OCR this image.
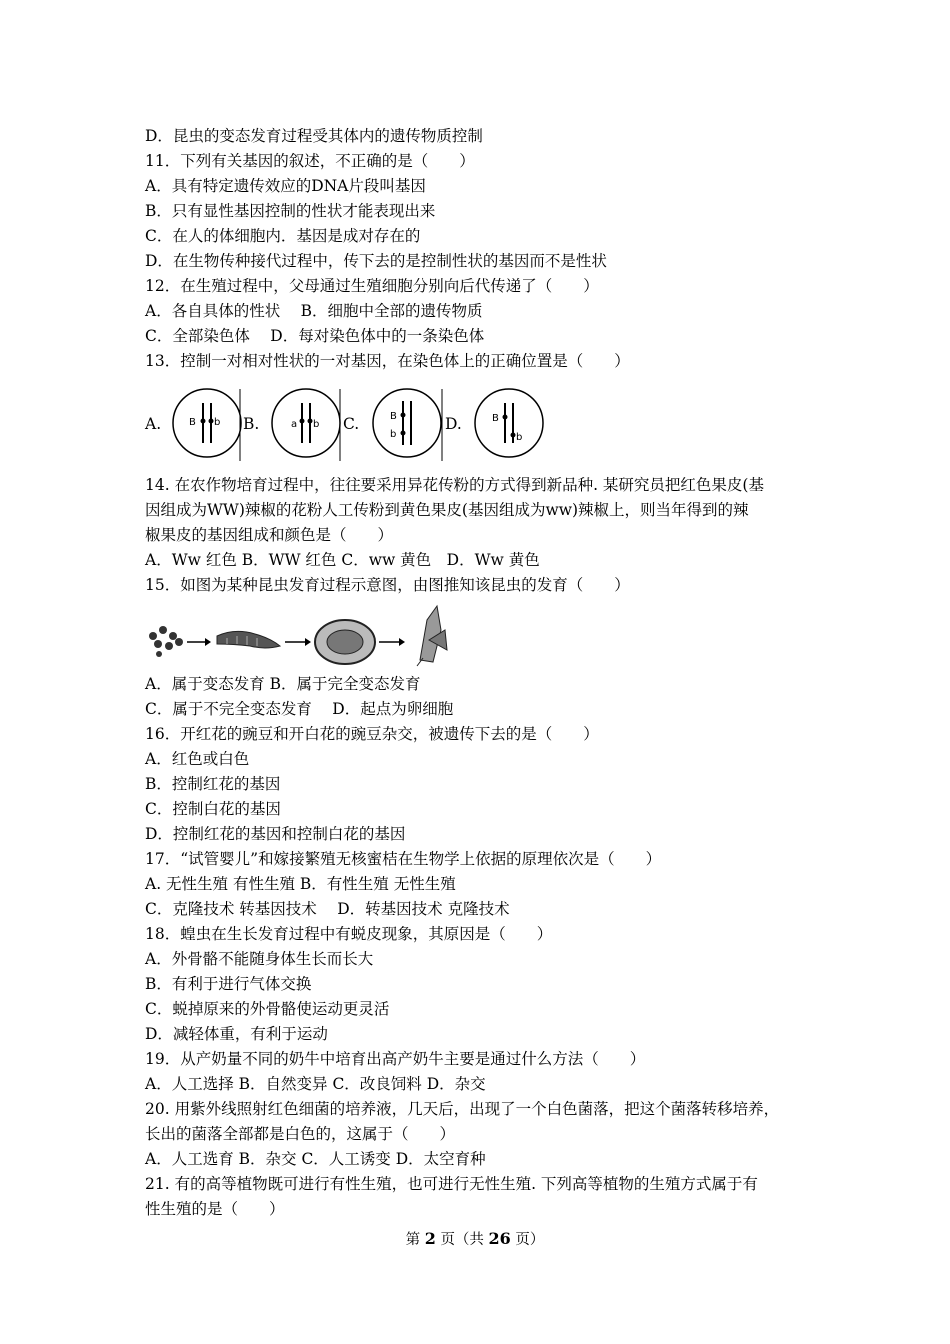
D．昆虫的变态发育过程受其体内的遗传物质控制
11．下列有关基因的叙述，不正确的是（　　）
A．具有特定遗传效应的DNA片段叫基因
B．只有显性基因控制的性状才能表现出来
C．在人的体细胞内．基因是成对存在的
D．在生物传种接代过程中，传下去的是控制性状的基因而不是性状
12．在生殖过程中，父母通过生殖细胞分别向后代传递了（　　）
A．各自具体的性状　 B．细胞中全部的遗传物质
C．全部染色体　 D．每对染色体中的一条染色体
13．控制一对相对性状的一对基因，在染色体上的正确位置是（　　）
A.	B.	C.	D.
B b	a b
B
b
B
b
14. 在农作物培育过程中，往往要采用异花传粉的方式得到新品种. 某研究员把红色果皮(基
因组成为WW)辣椒的花粉人工传粉到黄色果皮(基因组成为ww)辣椒上，则当年得到的辣
椒果皮的基因组成和颜色是（　　）
A．Ww 红色 B．WW 红色 C．ww 黄色　D．Ww 黄色
15．如图为某种昆虫发育过程示意图，由图推知该昆虫的发育（　　）
A．属于变态发育 B．属于完全变态发育
C．属于不完全变态发育　 D．起点为卵细胞
16．开红花的豌豆和开白花的豌豆杂交，被遗传下去的是（　　）
A．红色或白色
B．控制红花的基因
C．控制白花的基因
D．控制红花的基因和控制白花的基因
17．“试管婴儿”和嫁接繁殖无核蜜桔在生物学上依据的原理依次是（　　）
A. 无性生殖 有性生殖 B．有性生殖 无性生殖
C．克隆技术 转基因技术　 D．转基因技术 克隆技术
18．蝗虫在生长发育过程中有蜕皮现象，其原因是（　　）
A．外骨骼不能随身体生长而长大
B．有利于进行气体交换
C．蜕掉原来的外骨骼使运动更灵活
D．减轻体重，有利于运动
19．从产奶量不同的奶牛中培育出高产奶牛主要是通过什么方法（　　）
A．人工选择 B．自然变异 C．改良饲料 D．杂交
20. 用紫外线照射红色细菌的培养液，几天后，出现了一个白色菌落，把这个菌落转移培养，
长出的菌落全部都是白色的，这属于（　　）
A．人工选育 B．杂交 C．人工诱变 D．太空育种
21. 有的高等植物既可进行有性生殖，也可进行无性生殖. 下列高等植物的生殖方式属于有
性生殖的是（　　）
第 2 页（共 26 页）
